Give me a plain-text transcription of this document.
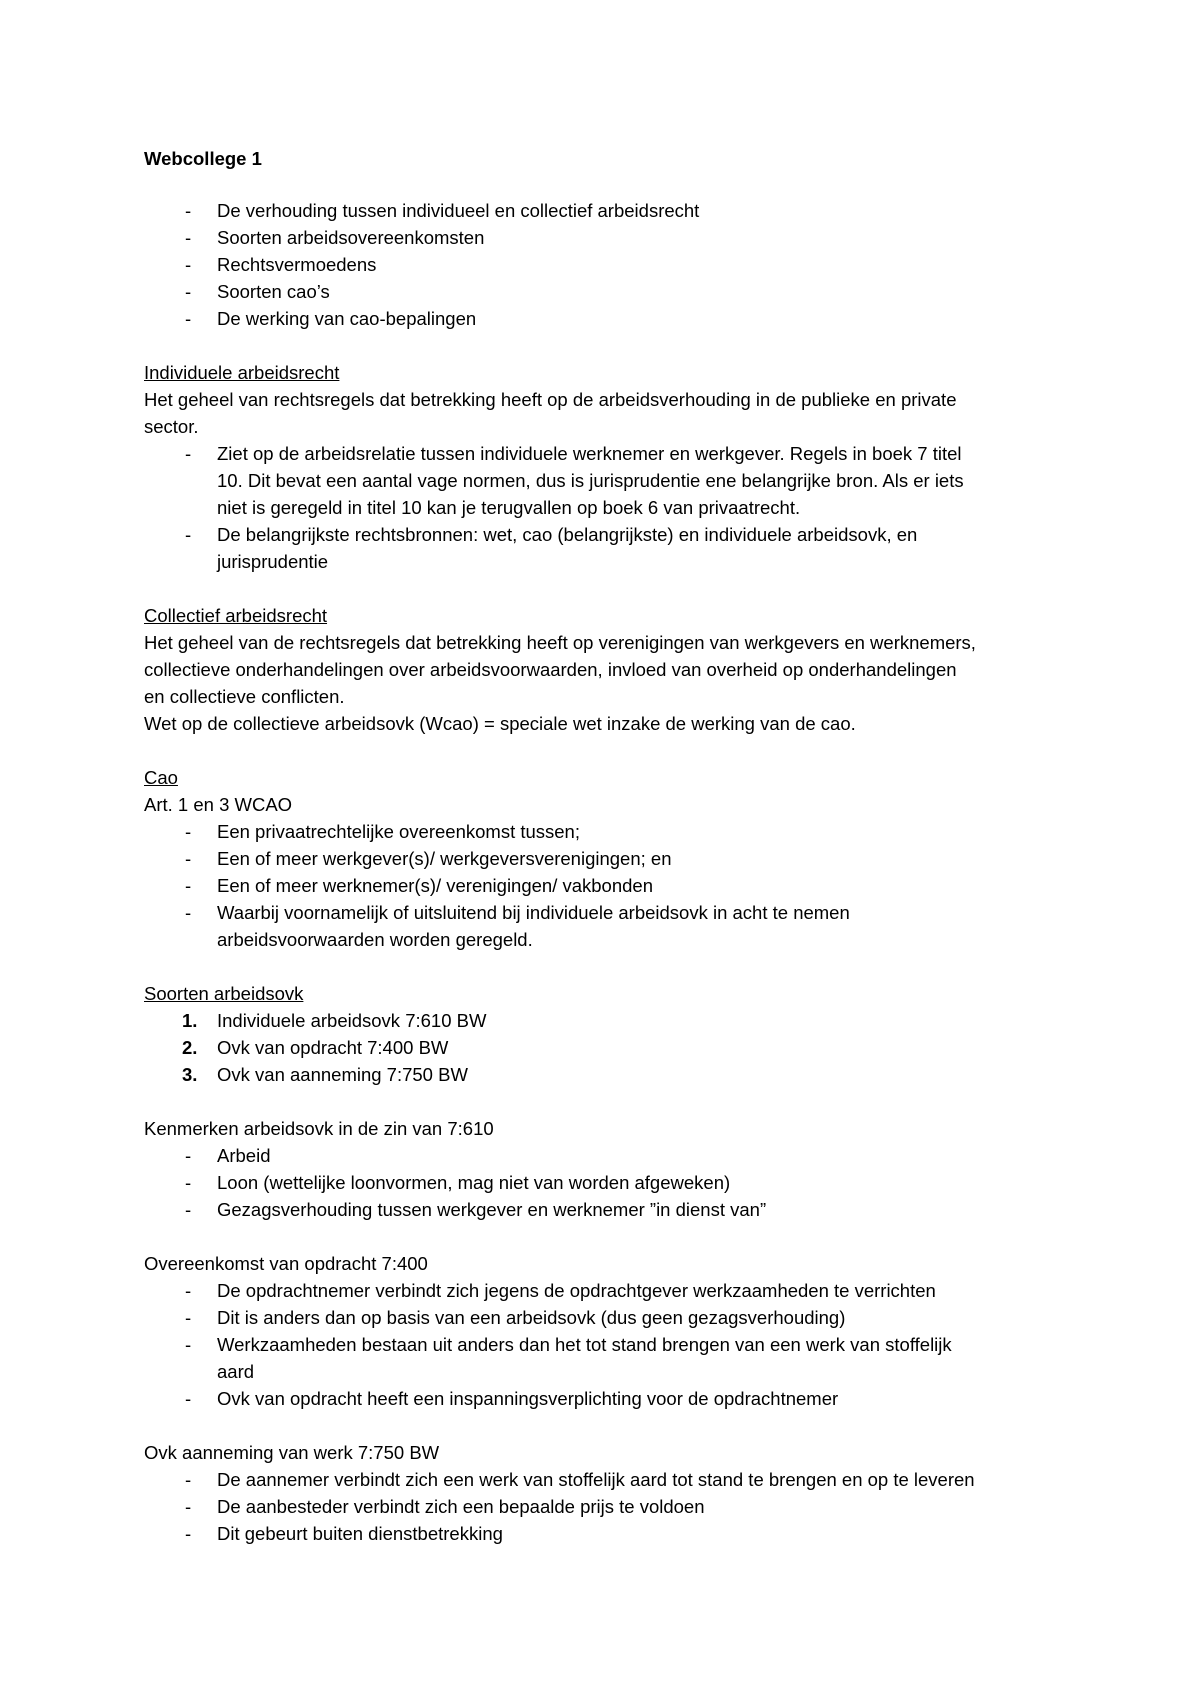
Webcollege 1
- De verhouding tussen individueel en collectief arbeidsrecht
- Soorten arbeidsovereenkomsten
- Rechtsvermoedens
- Soorten cao’s
- De werking van cao-bepalingen
Individuele arbeidsrecht
Het geheel van rechtsregels dat betrekking heeft op de arbeidsverhouding in de publieke en private
sector.
- Ziet op de arbeidsrelatie tussen individuele werknemer en werkgever. Regels in boek 7 titel
10. Dit bevat een aantal vage normen, dus is jurisprudentie ene belangrijke bron. Als er iets
niet is geregeld in titel 10 kan je terugvallen op boek 6 van privaatrecht.
- De belangrijkste rechtsbronnen: wet, cao (belangrijkste) en individuele arbeidsovk, en
jurisprudentie
Collectief arbeidsrecht
Het geheel van de rechtsregels dat betrekking heeft op verenigingen van werkgevers en werknemers,
collectieve onderhandelingen over arbeidsvoorwaarden, invloed van overheid op onderhandelingen
en collectieve conflicten.
Wet op de collectieve arbeidsovk (Wcao) = speciale wet inzake de werking van de cao.
Cao
Art. 1 en 3 WCAO
- Een privaatrechtelijke overeenkomst tussen;
- Een of meer werkgever(s)/ werkgeversverenigingen; en
- Een of meer werknemer(s)/ verenigingen/ vakbonden
- Waarbij voornamelijk of uitsluitend bij individuele arbeidsovk in acht te nemen
arbeidsvoorwaarden worden geregeld.
Soorten arbeidsovk
1. Individuele arbeidsovk 7:610 BW
2. Ovk van opdracht 7:400 BW
3. Ovk van aanneming 7:750 BW
Kenmerken arbeidsovk in de zin van 7:610
- Arbeid
- Loon (wettelijke loonvormen, mag niet van worden afgeweken)
- Gezagsverhouding tussen werkgever en werknemer ”in dienst van”
Overeenkomst van opdracht 7:400
- De opdrachtnemer verbindt zich jegens de opdrachtgever werkzaamheden te verrichten
- Dit is anders dan op basis van een arbeidsovk (dus geen gezagsverhouding)
- Werkzaamheden bestaan uit anders dan het tot stand brengen van een werk van stoffelijk
aard
- Ovk van opdracht heeft een inspanningsverplichting voor de opdrachtnemer
Ovk aanneming van werk 7:750 BW
- De aannemer verbindt zich een werk van stoffelijk aard tot stand te brengen en op te leveren
- De aanbesteder verbindt zich een bepaalde prijs te voldoen
- Dit gebeurt buiten dienstbetrekking
